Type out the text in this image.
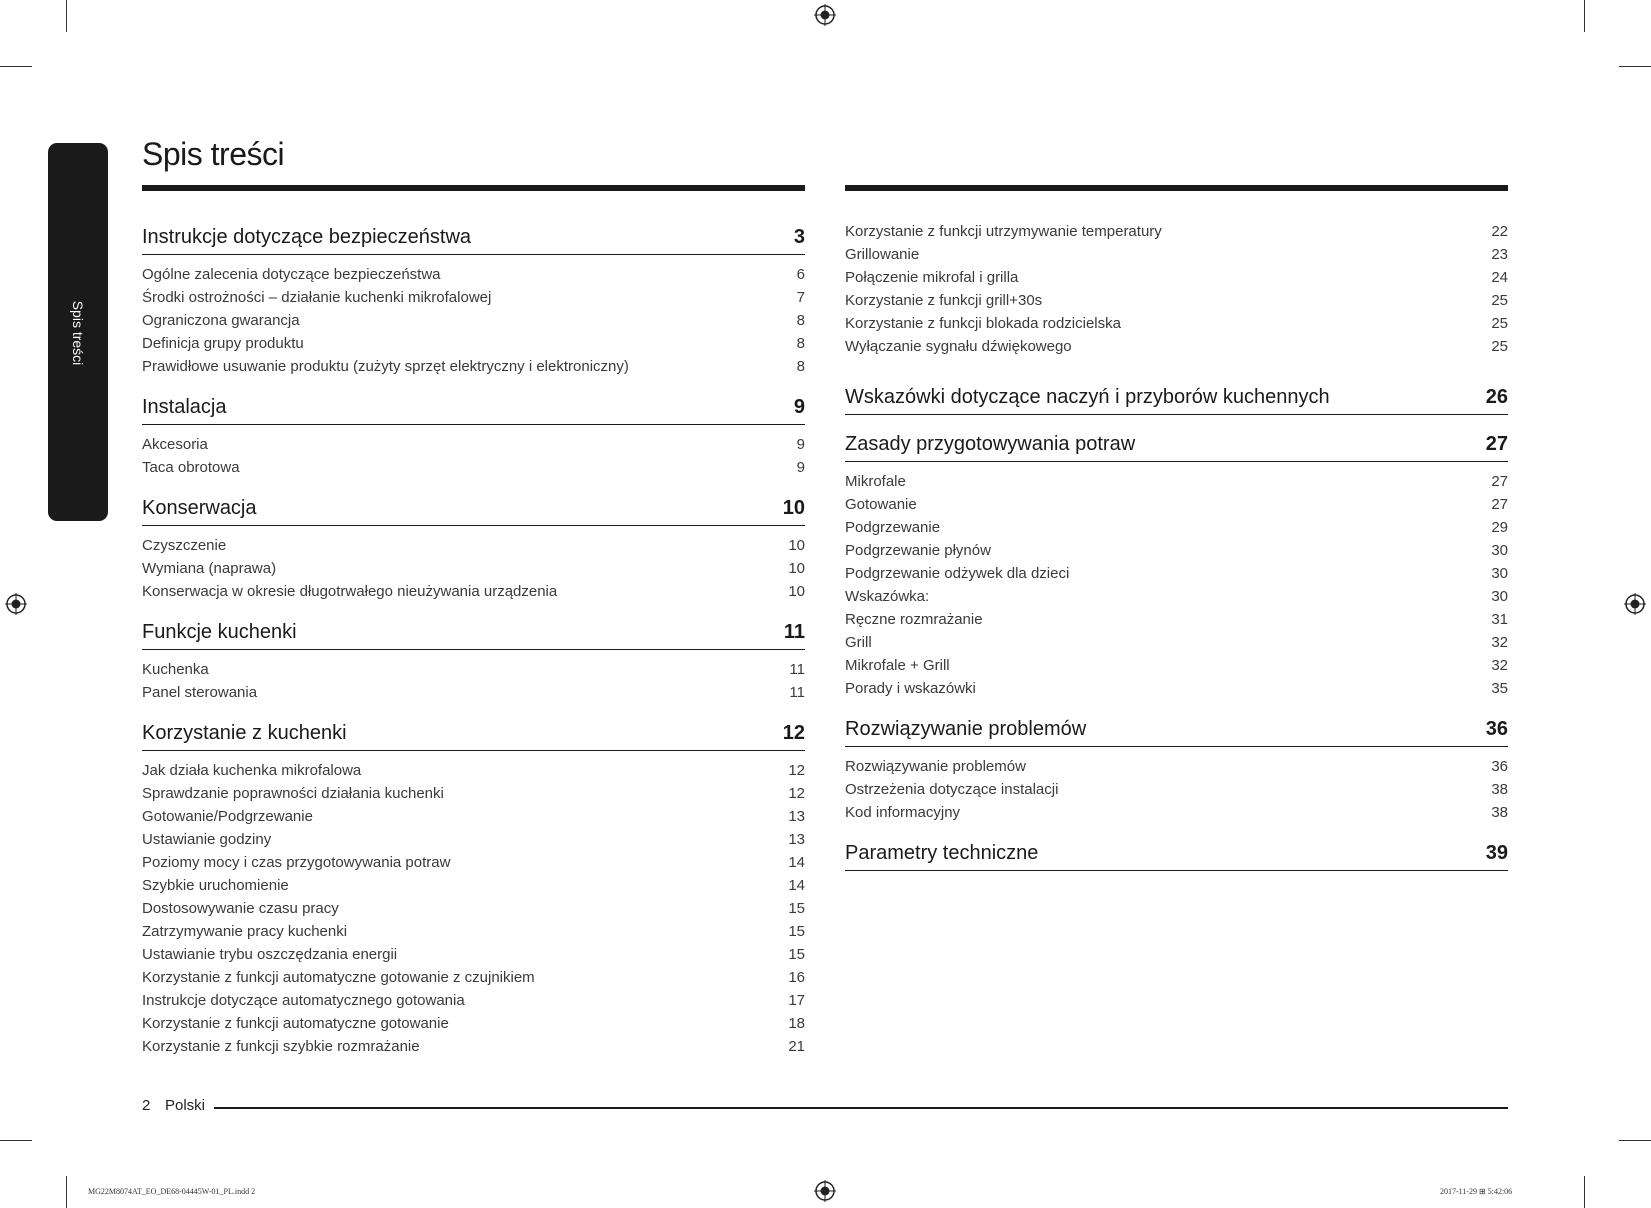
Spis treści
Spis treści
Instrukcje dotyczące bezpieczeństwa	3
Ogólne zalecenia dotyczące bezpieczeństwa	6
Środki ostrożności – działanie kuchenki mikrofalowej	7
Ograniczona gwarancja	8
Definicja grupy produktu	8
Prawidłowe usuwanie produktu (zużyty sprzęt elektryczny i elektroniczny)	8
Instalacja	9
Akcesoria	9
Taca obrotowa	9
Konserwacja	10
Czyszczenie	10
Wymiana (naprawa)	10
Konserwacja w okresie długotrwałego nieużywania urządzenia	10
Funkcje kuchenki	11
Kuchenka	11
Panel sterowania	11
Korzystanie z kuchenki	12
Jak działa kuchenka mikrofalowa	12
Sprawdzanie poprawności działania kuchenki	12
Gotowanie/Podgrzewanie	13
Ustawianie godziny	13
Poziomy mocy i czas przygotowywania potraw	14
Szybkie uruchomienie	14
Dostosowywanie czasu pracy	15
Zatrzymywanie pracy kuchenki	15
Ustawianie trybu oszczędzania energii	15
Korzystanie z funkcji automatyczne gotowanie z czujnikiem	16
Instrukcje dotyczące automatycznego gotowania	17
Korzystanie z funkcji automatyczne gotowanie	18
Korzystanie z funkcji szybkie rozmrażanie	21
Korzystanie z funkcji utrzymywanie temperatury	22
Grillowanie	23
Połączenie mikrofal i grilla	24
Korzystanie z funkcji grill+30s	25
Korzystanie z funkcji blokada rodzicielska	25
Wyłączanie sygnału dźwiękowego	25
Wskazówki dotyczące naczyń i przyborów kuchennych	26
Zasady przygotowywania potraw	27
Mikrofale	27
Gotowanie	27
Podgrzewanie	29
Podgrzewanie płynów	30
Podgrzewanie odżywek dla dzieci	30
Wskazówka:	30
Ręczne rozmrażanie	31
Grill	32
Mikrofale + Grill	32
Porady i wskazówki	35
Rozwiązywanie problemów	36
Rozwiązywanie problemów	36
Ostrzeżenia dotyczące instalacji	38
Kod informacyjny	38
Parametry techniczne	39
2 Polski
MG22M8074AT_EO_DE68-04445W-01_PL.indd 2	2017-11-29 ⊞ 5:42:06
